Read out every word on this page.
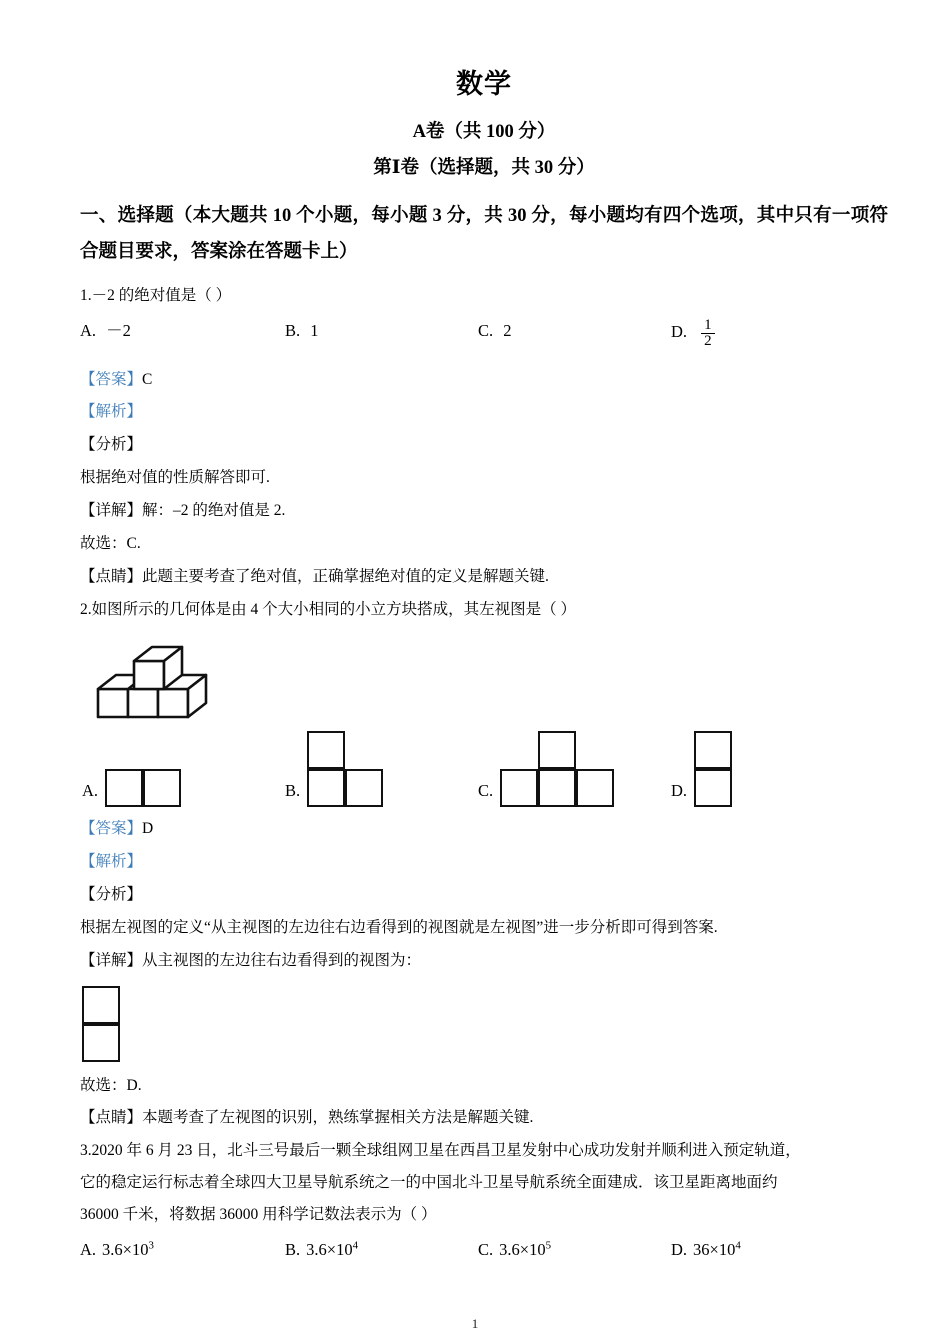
数学
A卷（共 100 分）
第Ⅰ卷（选择题，共 30 分）
一、选择题（本大题共 10 个小题，每小题 3 分，共 30 分，每小题均有四个选项，其中只有一项符合题目要求，答案涂在答题卡上）
1.－2 的绝对值是（ ）
A. －2	B. 1	C. 2	D. $\frac{1}{2}$
【答案】C
【解析】
【分析】
根据绝对值的性质解答即可.
【详解】解：–2 的绝对值是 2.
故选：C.
【点睛】此题主要考查了绝对值，正确掌握绝对值的定义是解题关键.
2.如图所示的几何体是由 4 个大小相同的小立方块搭成，其左视图是（ ）
A.	B.	C.	D.
【答案】D
【解析】
【分析】
根据左视图的定义“从主视图的左边往右边看得到的视图就是左视图”进一步分析即可得到答案.
【详解】从主视图的左边往右边看得到的视图为：
故选：D.
【点睛】本题考查了左视图的识别，熟练掌握相关方法是解题关键.
3.2020 年 6 月 23 日，北斗三号最后一颗全球组网卫星在西昌卫星发射中心成功发射并顺利进入预定轨道，
它的稳定运行标志着全球四大卫星导航系统之一的中国北斗卫星导航系统全面建成．该卫星距离地面约
36000 千米，将数据 36000 用科学记数法表示为（ ）
A. $3.6\times 10^3$	B. $3.6\times 10^4$	C. $3.6\times 10^5$	D. $36\times 10^4$
1
